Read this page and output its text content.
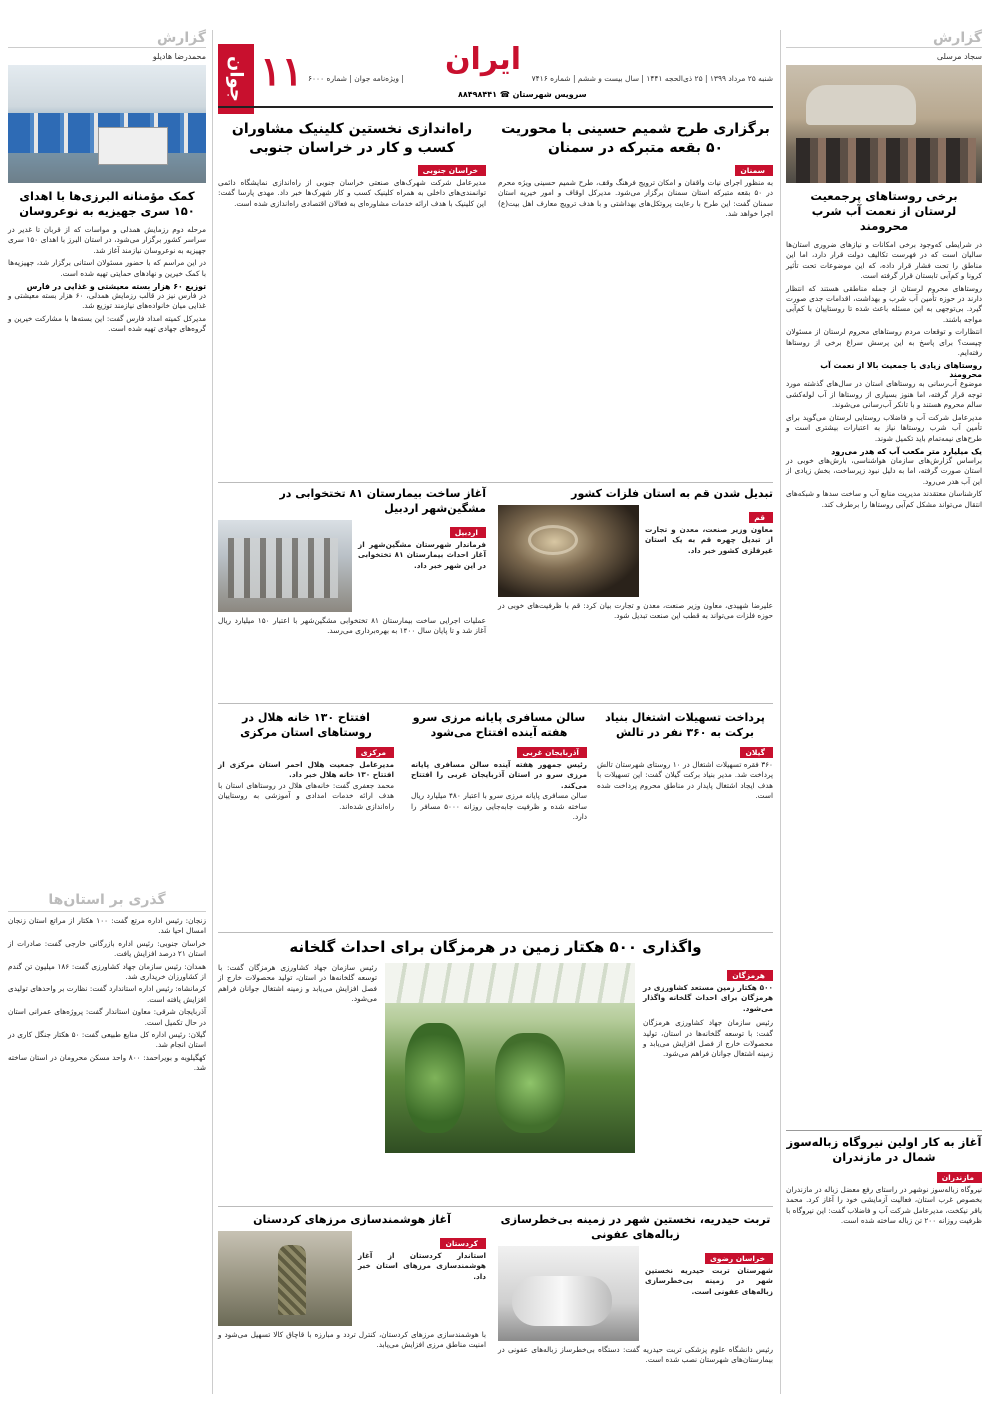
جوان ۱۱	ایران
شنبه ۲۵ مرداد ۱۳۹۹ | ۲۵ ذی‌الحجه ۱۴۴۱ | سال بیست و ششم | شماره ۷۴۱۶
| ویژه‌نامه جوان | شماره ۶۰۰۰
سرویس شهرستان ☎ ۸۸۴۹۸۴۴۱
گزارش
سجاد مرسلی
برخی روستاهای پرجمعیت لرستان از نعمت آب شرب محرومند

در شرایطی که‌وجود برخی امکانات و نیازهای ضروری استان‌ها سالیان است که در فهرست تکالیف دولت قرار دارد، اما این مناطق را تحت فشار قرار داده، که این موضوعات تحت تأثیر کرونا و کم‌آبی تابستان قرار گرفته است.

روستاهای محروم لرستان از جمله مناطقی هستند که انتظار دارند در حوزه تأمین آب شرب و بهداشت، اقدامات جدی صورت گیرد. بی‌توجهی به این مسئله باعث شده تا روستاییان با کم‌آبی مواجه باشند.

انتظارات و توقعات مردم روستاهای محروم لرستان از مسئولان چیست؟ برای پاسخ به این پرسش سراغ برخی از روستاها رفته‌ایم.

روستاهای زیادی با جمعیت بالا از نعمت آب محرومند

موضوع آب‌رسانی به روستاهای استان در سال‌های گذشته مورد توجه قرار گرفته، اما هنوز بسیاری از روستاها از آب لوله‌کشی سالم محروم هستند و با تانکر آب‌رسانی می‌شوند.

مدیرعامل شرکت آب و فاضلاب روستایی لرستان می‌گوید برای تأمین آب شرب روستاها نیاز به اعتبارات بیشتری است و طرح‌های نیمه‌تمام باید تکمیل شوند.

یک میلیارد متر مکعب آب که هدر می‌رود

براساس گزارش‌های سازمان هواشناسی، بارش‌های خوبی در استان صورت گرفته، اما به دلیل نبود زیرساخت، بخش زیادی از این آب هدر می‌رود.

کارشناسان معتقدند مدیریت منابع آب و ساخت سدها و شبکه‌های انتقال می‌تواند مشکل کم‌آبی روستاها را برطرف کند.

آغاز به کار اولین نیروگاه زباله‌سوز شمال در مازندران
مازندران
نیروگاه زباله‌سوز نوشهر در راستای رفع معضل زباله در مازندران بخصوص غرب استان، فعالیت آزمایشی خود را آغاز کرد. محمد باقر نیکخت، مدیرعامل شرکت آب و فاضلاب گفت: این نیروگاه با ظرفیت روزانه ۲۰۰ تن زباله ساخته شده است.
برگزاری طرح شمیم حسینی با محوریت ۵۰ بقعه متبرکه در سمنان
سمنان
به منظور اجرای نیات واقفان و امکان ترویج فرهنگ وقف، طرح شمیم حسینی ویژه محرم در ۵۰ بقعه متبرکه استان سمنان برگزار می‌شود. مدیرکل اوقاف و امور خیریه استان سمنان گفت: این طرح با رعایت پروتکل‌های بهداشتی و با هدف ترویج معارف اهل بیت(ع) اجرا خواهد شد.
راه‌اندازی نخستین کلینیک مشاوران کسب و کار در خراسان جنوبی
خراسان جنوبی
مدیرعامل شرکت شهرک‌های صنعتی خراسان جنوبی از راه‌اندازی نمایشگاه دائمی توانمندی‌های داخلی به همراه کلینیک کسب و کار شهرک‌ها خبر داد. مهدی پارسا گفت: این کلینیک با هدف ارائه خدمات مشاوره‌ای به فعالان اقتصادی راه‌اندازی شده است.
تبدیل شدن قم به استان فلزات کشور
قم
معاون وزیر صنعت، معدن و تجارت از تبدیل چهره قم به یک استان غیرفلزی کشور خبر داد.
علیرضا شهیدی، معاون وزیر صنعت، معدن و تجارت بیان کرد: قم با ظرفیت‌های خوبی در حوزه فلزات می‌تواند به قطب این صنعت تبدیل شود.
آغاز ساخت بیمارستان ۸۱ تختخوابی در مشگین‌شهر اردبیل
اردبیل
فرماندار شهرستان مشگین‌شهر از آغاز احداث بیمارستان ۸۱ تختخوابی در این شهر خبر داد.
عملیات اجرایی ساخت بیمارستان ۸۱ تختخوابی مشگین‌شهر با اعتبار ۱۵۰ میلیارد ریال آغاز شد و تا پایان سال ۱۴۰۰ به بهره‌برداری می‌رسد.
پرداخت تسهیلات اشتغال بنیاد برکت به ۳۶۰ نفر در تالش
گیلان
۳۶۰ فقره تسهیلات اشتغال در ۱۰ روستای شهرستان تالش پرداخت شد. مدیر بنیاد برکت گیلان گفت: این تسهیلات با هدف ایجاد اشتغال پایدار در مناطق محروم پرداخت شده است.
سالن مسافری پایانه مرزی سرو هفته آینده افتتاح می‌شود
آذربایجان غربی
رئیس جمهور هفته آینده سالن مسافری پایانه مرزی سرو در استان آذربایجان غربی را افتتاح می‌کند.
سالن مسافری پایانه مرزی سرو با اعتبار ۴۸۰ میلیارد ریال ساخته شده و ظرفیت جابه‌جایی روزانه ۵۰۰۰ مسافر را دارد.
افتتاح ۱۳۰ خانه هلال در روستاهای استان مرکزی
مرکزی
مدیرعامل جمعیت هلال احمر استان مرکزی از افتتاح ۱۳۰ خانه هلال خبر داد.
محمد جعفری گفت: خانه‌های هلال در روستاهای استان با هدف ارائه خدمات امدادی و آموزشی به روستاییان راه‌اندازی شده‌اند.
واگذاری ۵۰۰ هکتار زمین در هرمزگان برای احداث گلخانه
هرمزگان
۵۰۰ هکتار زمین مستعد کشاورزی در هرمزگان برای احداث گلخانه واگذار می‌شود.
رئیس سازمان جهاد کشاورزی هرمزگان گفت: با توسعه گلخانه‌ها در استان، تولید محصولات خارج از فصل افزایش می‌یابد و زمینه اشتغال جوانان فراهم می‌شود.
رئیس سازمان جهاد کشاورزی هرمزگان گفت: با توسعه گلخانه‌ها در استان، تولید محصولات خارج از فصل افزایش می‌یابد و زمینه اشتغال جوانان فراهم می‌شود.
تربت حیدریه، نخستین شهر در زمینه بی‌خطرسازی زباله‌های عفونی
خراسان رضوی
شهرستان تربت حیدریه نخستین شهر در زمینه بی‌خطرسازی زباله‌های عفونی است.
رئیس دانشگاه علوم پزشکی تربت حیدریه گفت: دستگاه بی‌خطرساز زباله‌های عفونی در بیمارستان‌های شهرستان نصب شده است.
آغاز هوشمندسازی مرزهای کردستان
کردستان
استاندار کردستان از آغاز هوشمندسازی مرزهای استان خبر داد.
با هوشمندسازی مرزهای کردستان، کنترل تردد و مبارزه با قاچاق کالا تسهیل می‌شود و امنیت مناطق مرزی افزایش می‌یابد.
گزارش
محمدرضا هادیلو
کمک مؤمنانه البرزی‌ها با اهدای ۱۵۰ سری جهیزیه به نوعروسان

مرحله دوم رزمایش همدلی و مواسات که از قربان تا غدیر در سراسر کشور برگزار می‌شود، در استان البرز با اهدای ۱۵۰ سری جهیزیه به نوعروسان نیازمند آغاز شد.

در این مراسم که با حضور مسئولان استانی برگزار شد، جهیزیه‌ها با کمک خیرین و نهادهای حمایتی تهیه شده است.

توزیع ۶۰ هزار بسته معیشتی و غذایی در فارس

در فارس نیز در قالب رزمایش همدلی، ۶۰ هزار بسته معیشتی و غذایی میان خانواده‌های نیازمند توزیع شد.

مدیرکل کمیته امداد فارس گفت: این بسته‌ها با مشارکت خیرین و گروه‌های جهادی تهیه شده است.

گذری بر استان‌ها

زنجان: رئیس اداره مرتع گفت: ۱۰۰ هکتار از مراتع استان زنجان امسال احیا شد.

خراسان جنوبی: رئیس اداره بازرگانی خارجی گفت: صادرات از استان ۲۱ درصد افزایش یافت.

همدان: رئیس سازمان جهاد کشاورزی گفت: ۱۸۶ میلیون تن گندم از کشاورزان خریداری شد.

کرمانشاه: رئیس اداره استاندارد گفت: نظارت بر واحدهای تولیدی افزایش یافته است.

آذربایجان شرقی: معاون استاندار گفت: پروژه‌های عمرانی استان در حال تکمیل است.

گیلان: رئیس اداره کل منابع طبیعی گفت: ۵۰ هکتار جنگل کاری در استان انجام شد.

کهگیلویه و بویراحمد: ۸۰۰ واحد مسکن محرومان در استان ساخته شد.
